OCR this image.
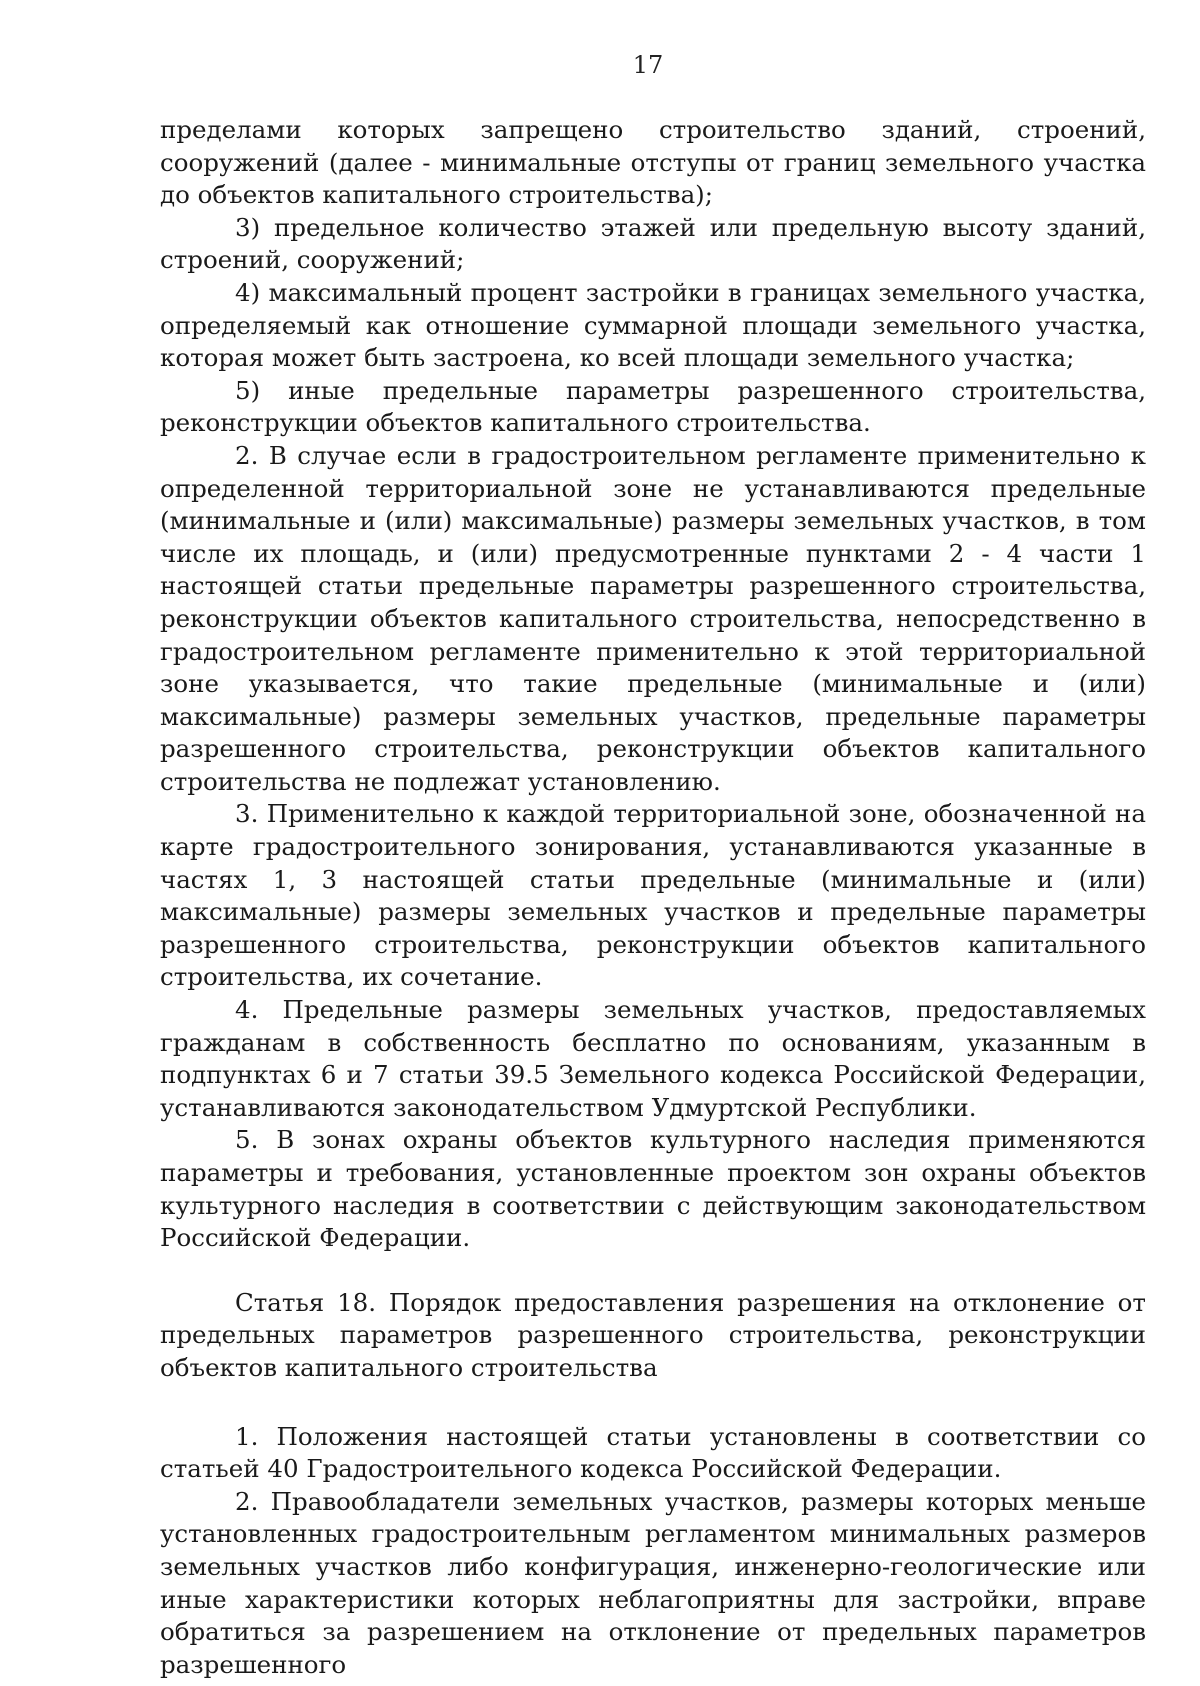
17

пределами которых запрещено строительство зданий, строений, сооружений (далее - минимальные отступы от границ земельного участка до объектов капитального строительства);

3) предельное количество этажей или предельную высоту зданий, строений, сооружений;

4) максимальный процент застройки в границах земельного участка, определяемый как отношение суммарной площади земельного участка, которая может быть застроена, ко всей площади земельного участка;

5) иные предельные параметры разрешенного строительства, реконструкции объектов капитального строительства.

2. В случае если в градостроительном регламенте применительно к определенной территориальной зоне не устанавливаются предельные (минимальные и (или) максимальные) размеры земельных участков, в том числе их площадь, и (или) предусмотренные пунктами 2 - 4 части 1 настоящей статьи предельные параметры разрешенного строительства, реконструкции объектов капитального строительства, непосредственно в градостроительном регламенте применительно к этой территориальной зоне указывается, что такие предельные (минимальные и (или) максимальные) размеры земельных участков, предельные параметры разрешенного строительства, реконструкции объектов капитального строительства не подлежат установлению.

3. Применительно к каждой территориальной зоне, обозначенной на карте градостроительного зонирования, устанавливаются указанные в частях 1, 3 настоящей статьи предельные (минимальные и (или) максимальные) размеры земельных участков и предельные параметры разрешенного строительства, реконструкции объектов капитального строительства, их сочетание.

4. Предельные размеры земельных участков, предоставляемых гражданам в собственность бесплатно по основаниям, указанным в подпунктах 6 и 7 статьи 39.5 Земельного кодекса Российской Федерации, устанавливаются законодательством Удмуртской Республики.

5. В зонах охраны объектов культурного наследия применяются параметры и требования, установленные проектом зон охраны объектов культурного наследия в соответствии с действующим законодательством Российской Федерации.

Статья 18. Порядок предоставления разрешения на отклонение от предельных параметров разрешенного строительства, реконструкции объектов капитального строительства

1. Положения настоящей статьи установлены в соответствии со статьей 40 Градостроительного кодекса Российской Федерации.

2. Правообладатели земельных участков, размеры которых меньше установленных градостроительным регламентом минимальных размеров земельных участков либо конфигурация, инженерно-геологические или иные характеристики которых неблагоприятны для застройки, вправе обратиться за разрешением на отклонение от предельных параметров разрешенного
